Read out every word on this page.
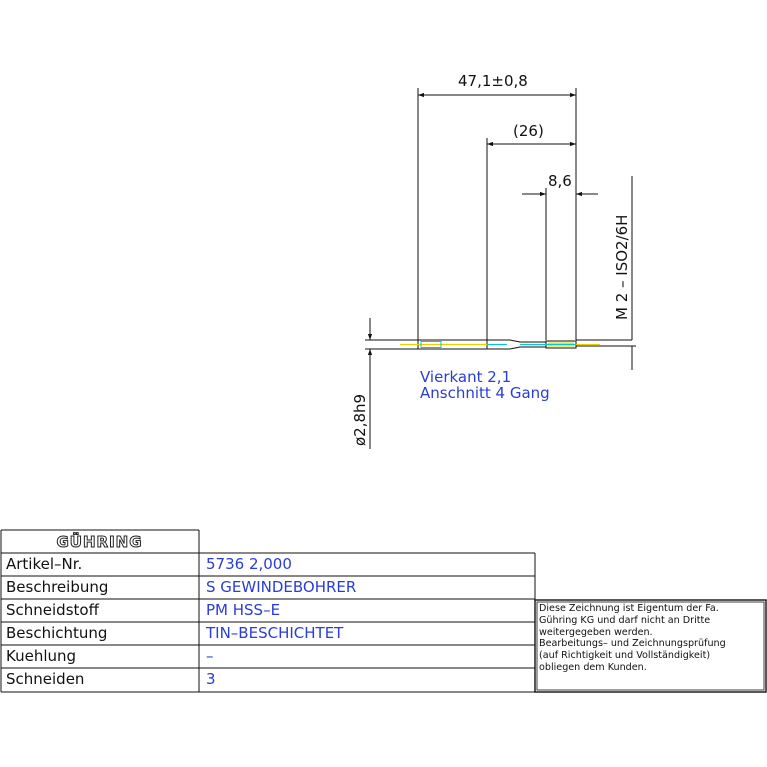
47,1±0,8
(26)
8,6
M 2 – ISO2/6H
ø2,8h9
Vierkant 2,1
Anschnitt 4 Gang
GÜHRING
Artikel–Nr.	5736 2,000
Beschreibung	S GEWINDEBOHRER
Schneidstoff	PM HSS–E
Beschichtung	TIN–BESCHICHTET
Kuehlung	–
Schneiden	3
Diese Zeichnung ist Eigentum der Fa.
Gühring KG und darf nicht an Dritte
weitergegeben werden.
Bearbeitungs– und Zeichnungsprüfung
(auf Richtigkeit und Vollständigkeit)
obliegen dem Kunden.
